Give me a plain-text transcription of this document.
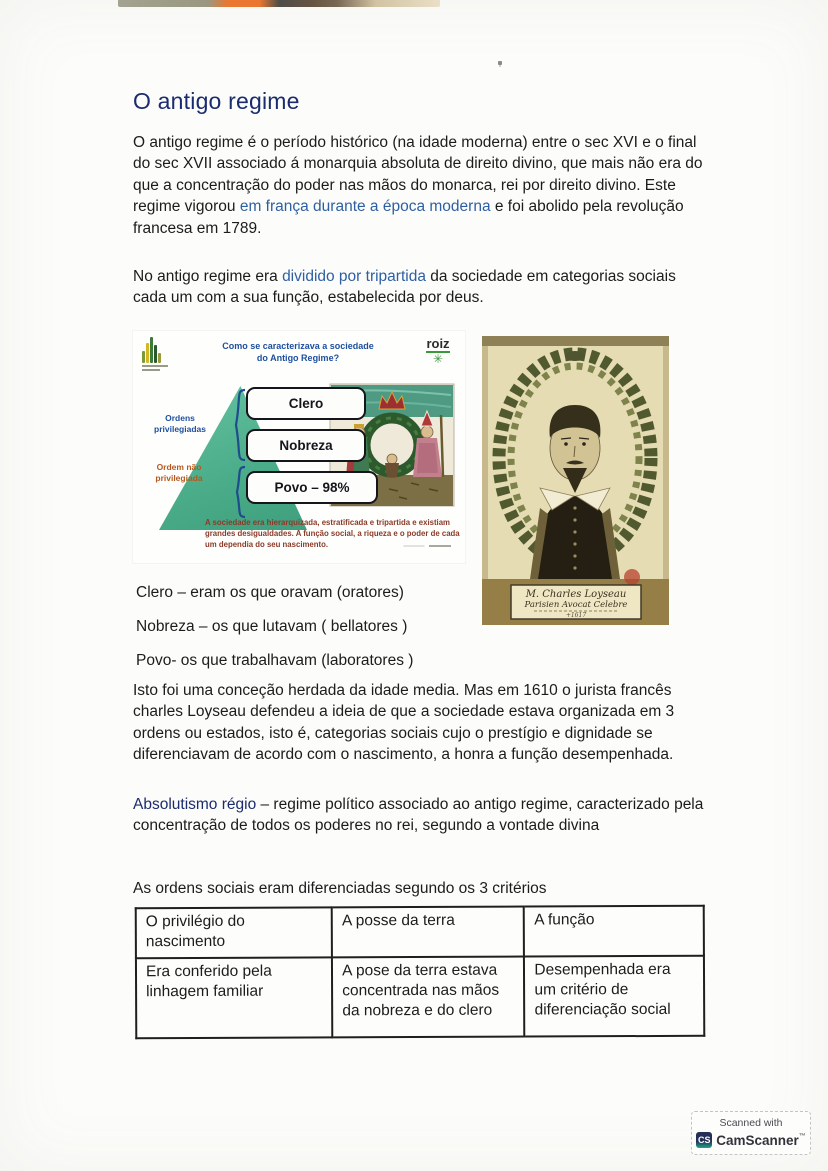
O antigo regime
O antigo regime é o período histórico (na idade moderna) entre o sec XVI e o final do sec XVII associado á monarquia absoluta de direito divino, que mais não era do que a concentração do poder nas mãos do monarca, rei por direito divino. Este regime vigorou em frança durante a época moderna e foi abolido pela revolução francesa em 1789.
No antigo regime era dividido por tripartida da sociedade em categorias sociais cada um com a sua função, estabelecida por deus.
Como se caracterizava a sociedade
do Antigo Regime?
roiz
✳
Ordens privilegiadas
Ordem não privilegiada
Clero
Nobreza
Povo – 98%
A sociedade era hierarquizada, estratificada e tripartida e existiam grandes desigualdades. A função social, a riqueza e o poder de cada um dependia do seu nascimento.
M. Charles Loyseau
Parisien Avocat Celebre
+1617
Clero – eram os que oravam (oratores)
Nobreza – os que lutavam ( bellatores )
Povo- os que trabalhavam (laboratores )
Isto foi uma conceção herdada da idade media. Mas em 1610 o jurista francês charles Loyseau defendeu a ideia de que a sociedade estava organizada em 3 ordens ou estados, isto é, categorias sociais cujo o prestígio e dignidade se diferenciavam de acordo com o nascimento, a honra a função desempenhada.
Absolutismo régio – regime político associado ao antigo regime, caracterizado pela concentração de todos os poderes no rei, segundo a vontade divina
As ordens sociais eram diferenciadas segundo os 3 critérios
O privilégio do nascimento	A posse da terra	A função
Era conferido pela linhagem familiar	A pose da terra estava concentrada nas mãos da nobreza e do clero	Desempenhada era um critério de diferenciação social
Scanned with
CS CamScanner™
